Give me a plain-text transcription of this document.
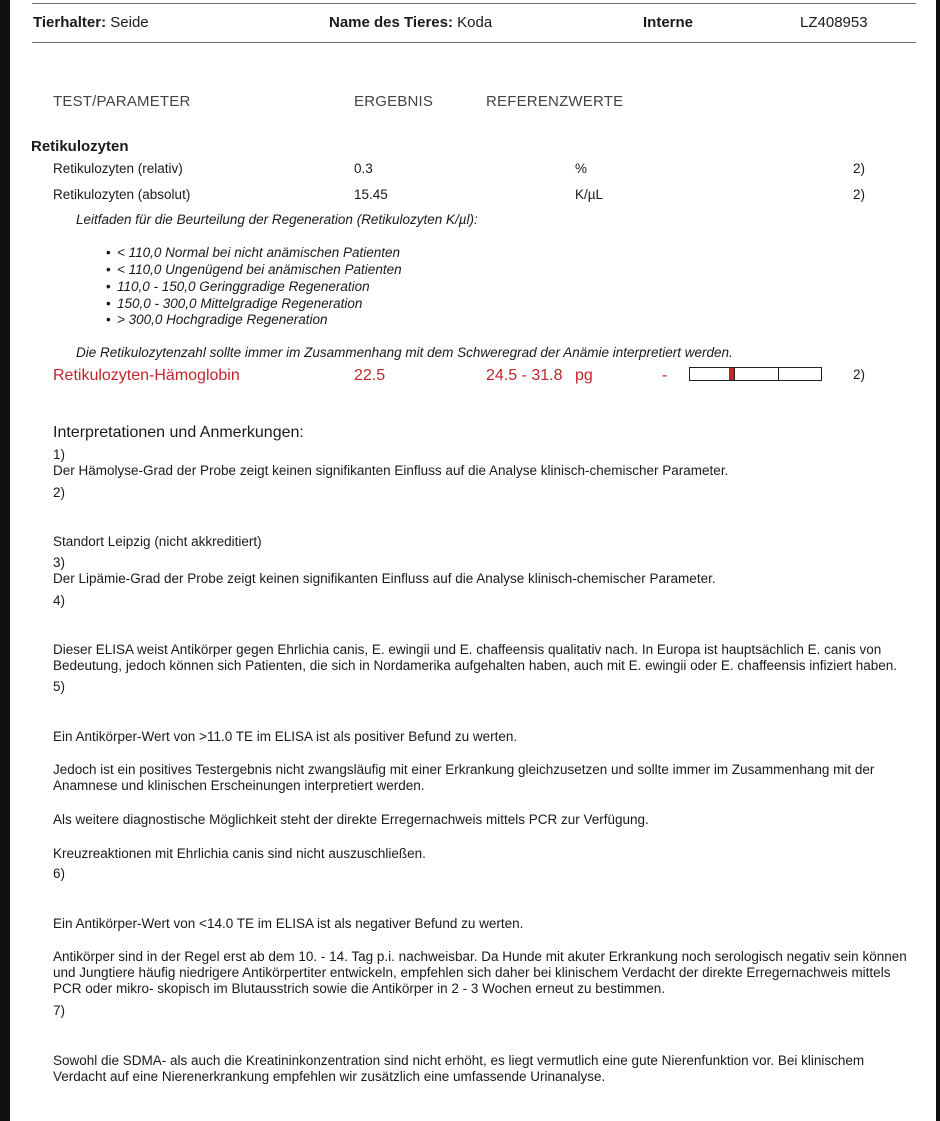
Tierhalter: Seide	Name des Tieres: Koda	Interne	LZ408953
TEST/PARAMETER	ERGEBNIS	REFERENZWERTE
Retikulozyten
Retikulozyten (relativ)	0.3	%	2)
Retikulozyten (absolut)	15.45	K/µL	2)
Leitfaden für die Beurteilung der Regeneration (Retikulozyten K/µl):
• < 110,0 Normal bei nicht anämischen Patienten
• < 110,0 Ungenügend bei anämischen Patienten
• 110,0 - 150,0 Geringgradige Regeneration
• 150,0 - 300,0 Mittelgradige Regeneration
• > 300,0 Hochgradige Regeneration
Die Retikulozytenzahl sollte immer im Zusammenhang mit dem Schweregrad der Anämie interpretiert werden.
Retikulozyten-Hämoglobin	22.5	24.5 - 31.8 pg	-	2)
Interpretationen und Anmerkungen:
1)
Der Hämolyse-Grad der Probe zeigt keinen signifikanten Einfluss auf die Analyse klinisch-chemischer Parameter.
2)
Standort Leipzig (nicht akkreditiert)
3)
Der Lipämie-Grad der Probe zeigt keinen signifikanten Einfluss auf die Analyse klinisch-chemischer Parameter.
4)
Dieser ELISA weist Antikörper gegen Ehrlichia canis, E. ewingii und E. chaffeensis qualitativ nach. In Europa ist hauptsächlich E. canis von Bedeutung, jedoch können sich Patienten, die sich in Nordamerika aufgehalten haben, auch mit E. ewingii oder E. chaffeensis infiziert haben.
5)
Ein Antikörper-Wert von >11.0 TE im ELISA ist als positiver Befund zu werten.
Jedoch ist ein positives Testergebnis nicht zwangsläufig mit einer Erkrankung gleichzusetzen und sollte immer im Zusammenhang mit der Anamnese und klinischen Erscheinungen interpretiert werden.
Als weitere diagnostische Möglichkeit steht der direkte Erregernachweis mittels PCR zur Verfügung.
Kreuzreaktionen mit Ehrlichia canis sind nicht auszuschließen.
6)
Ein Antikörper-Wert von <14.0 TE im ELISA ist als negativer Befund zu werten.
Antikörper sind in der Regel erst ab dem 10. - 14. Tag p.i. nachweisbar. Da Hunde mit akuter Erkrankung noch serologisch negativ sein können und Jungtiere häufig niedrigere Antikörpertiter entwickeln, empfehlen sich daher bei klinischem Verdacht der direkte Erregernachweis mittels PCR oder mikro- skopisch im Blutausstrich sowie die Antikörper in 2 - 3 Wochen erneut zu bestimmen.
7)
Sowohl die SDMA- als auch die Kreatininkonzentration sind nicht erhöht, es liegt vermutlich eine gute Nierenfunktion vor. Bei klinischem Verdacht auf eine Nierenerkrankung empfehlen wir zusätzlich eine umfassende Urinanalyse.
